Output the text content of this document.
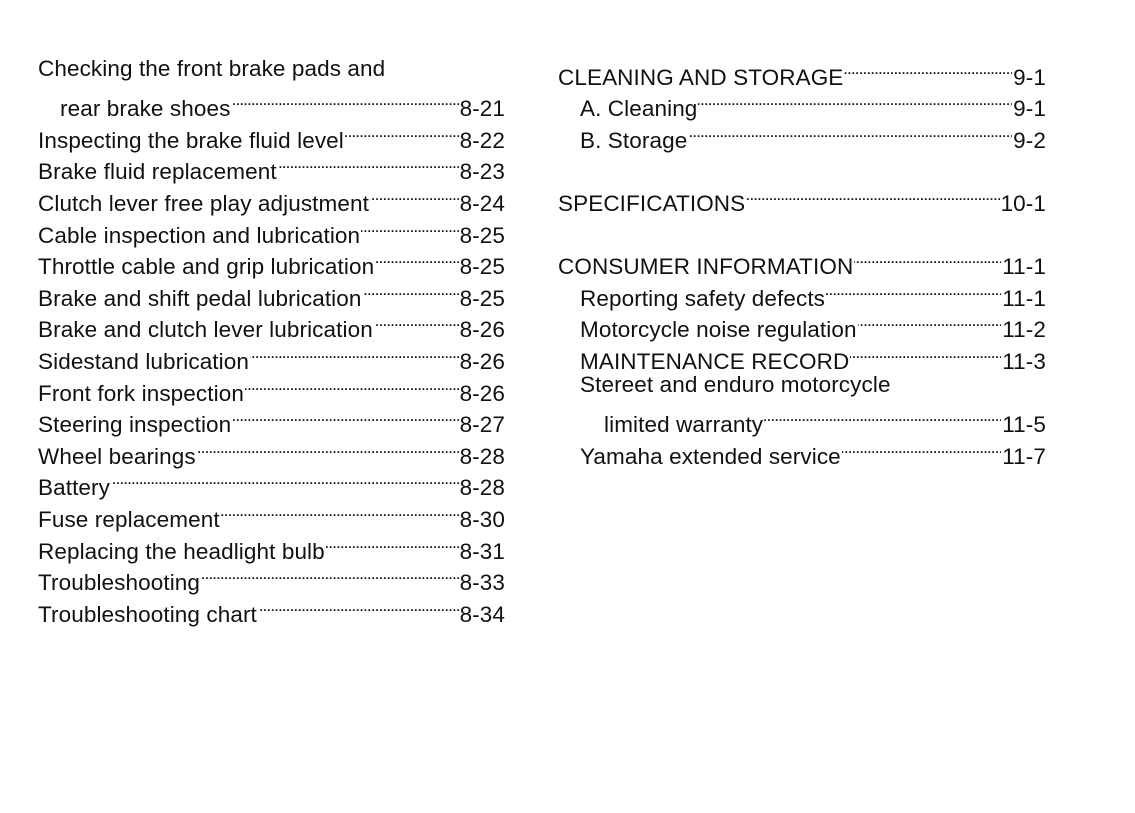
Checking the front brake pads and
rear brake shoes . . .	8-21
Inspecting the brake fluid level . . .	8-22
Brake fluid replacement . . .	8-23
Clutch lever free play adjustment . . .	8-24
Cable inspection and lubrication . . .	8-25
Throttle cable and grip lubrication . . .	8-25
Brake and shift pedal lubrication . . .	8-25
Brake and clutch lever lubrication . . .	8-26
Sidestand lubrication . . .	8-26
Front fork inspection . . .	8-26
Steering inspection . . .	8-27
Wheel bearings . . .	8-28
Battery . . .	8-28
Fuse replacement . . .	8-30
Replacing the headlight bulb . . .	8-31
Troubleshooting . . .	8-33
Troubleshooting chart . . .	8-34
CLEANING AND STORAGE . . .	9-1
A. Cleaning . . .	9-1
B. Storage . . .	9-2
SPECIFICATIONS . . .	10-1
CONSUMER INFORMATION . . .	11-1
Reporting safety defects . . .	11-1
Motorcycle noise regulation . . .	11-2
MAINTENANCE RECORD . . .	11-3
Stereet and enduro motorcycle
limited warranty . . .	11-5
Yamaha extended service . . .	11-7
